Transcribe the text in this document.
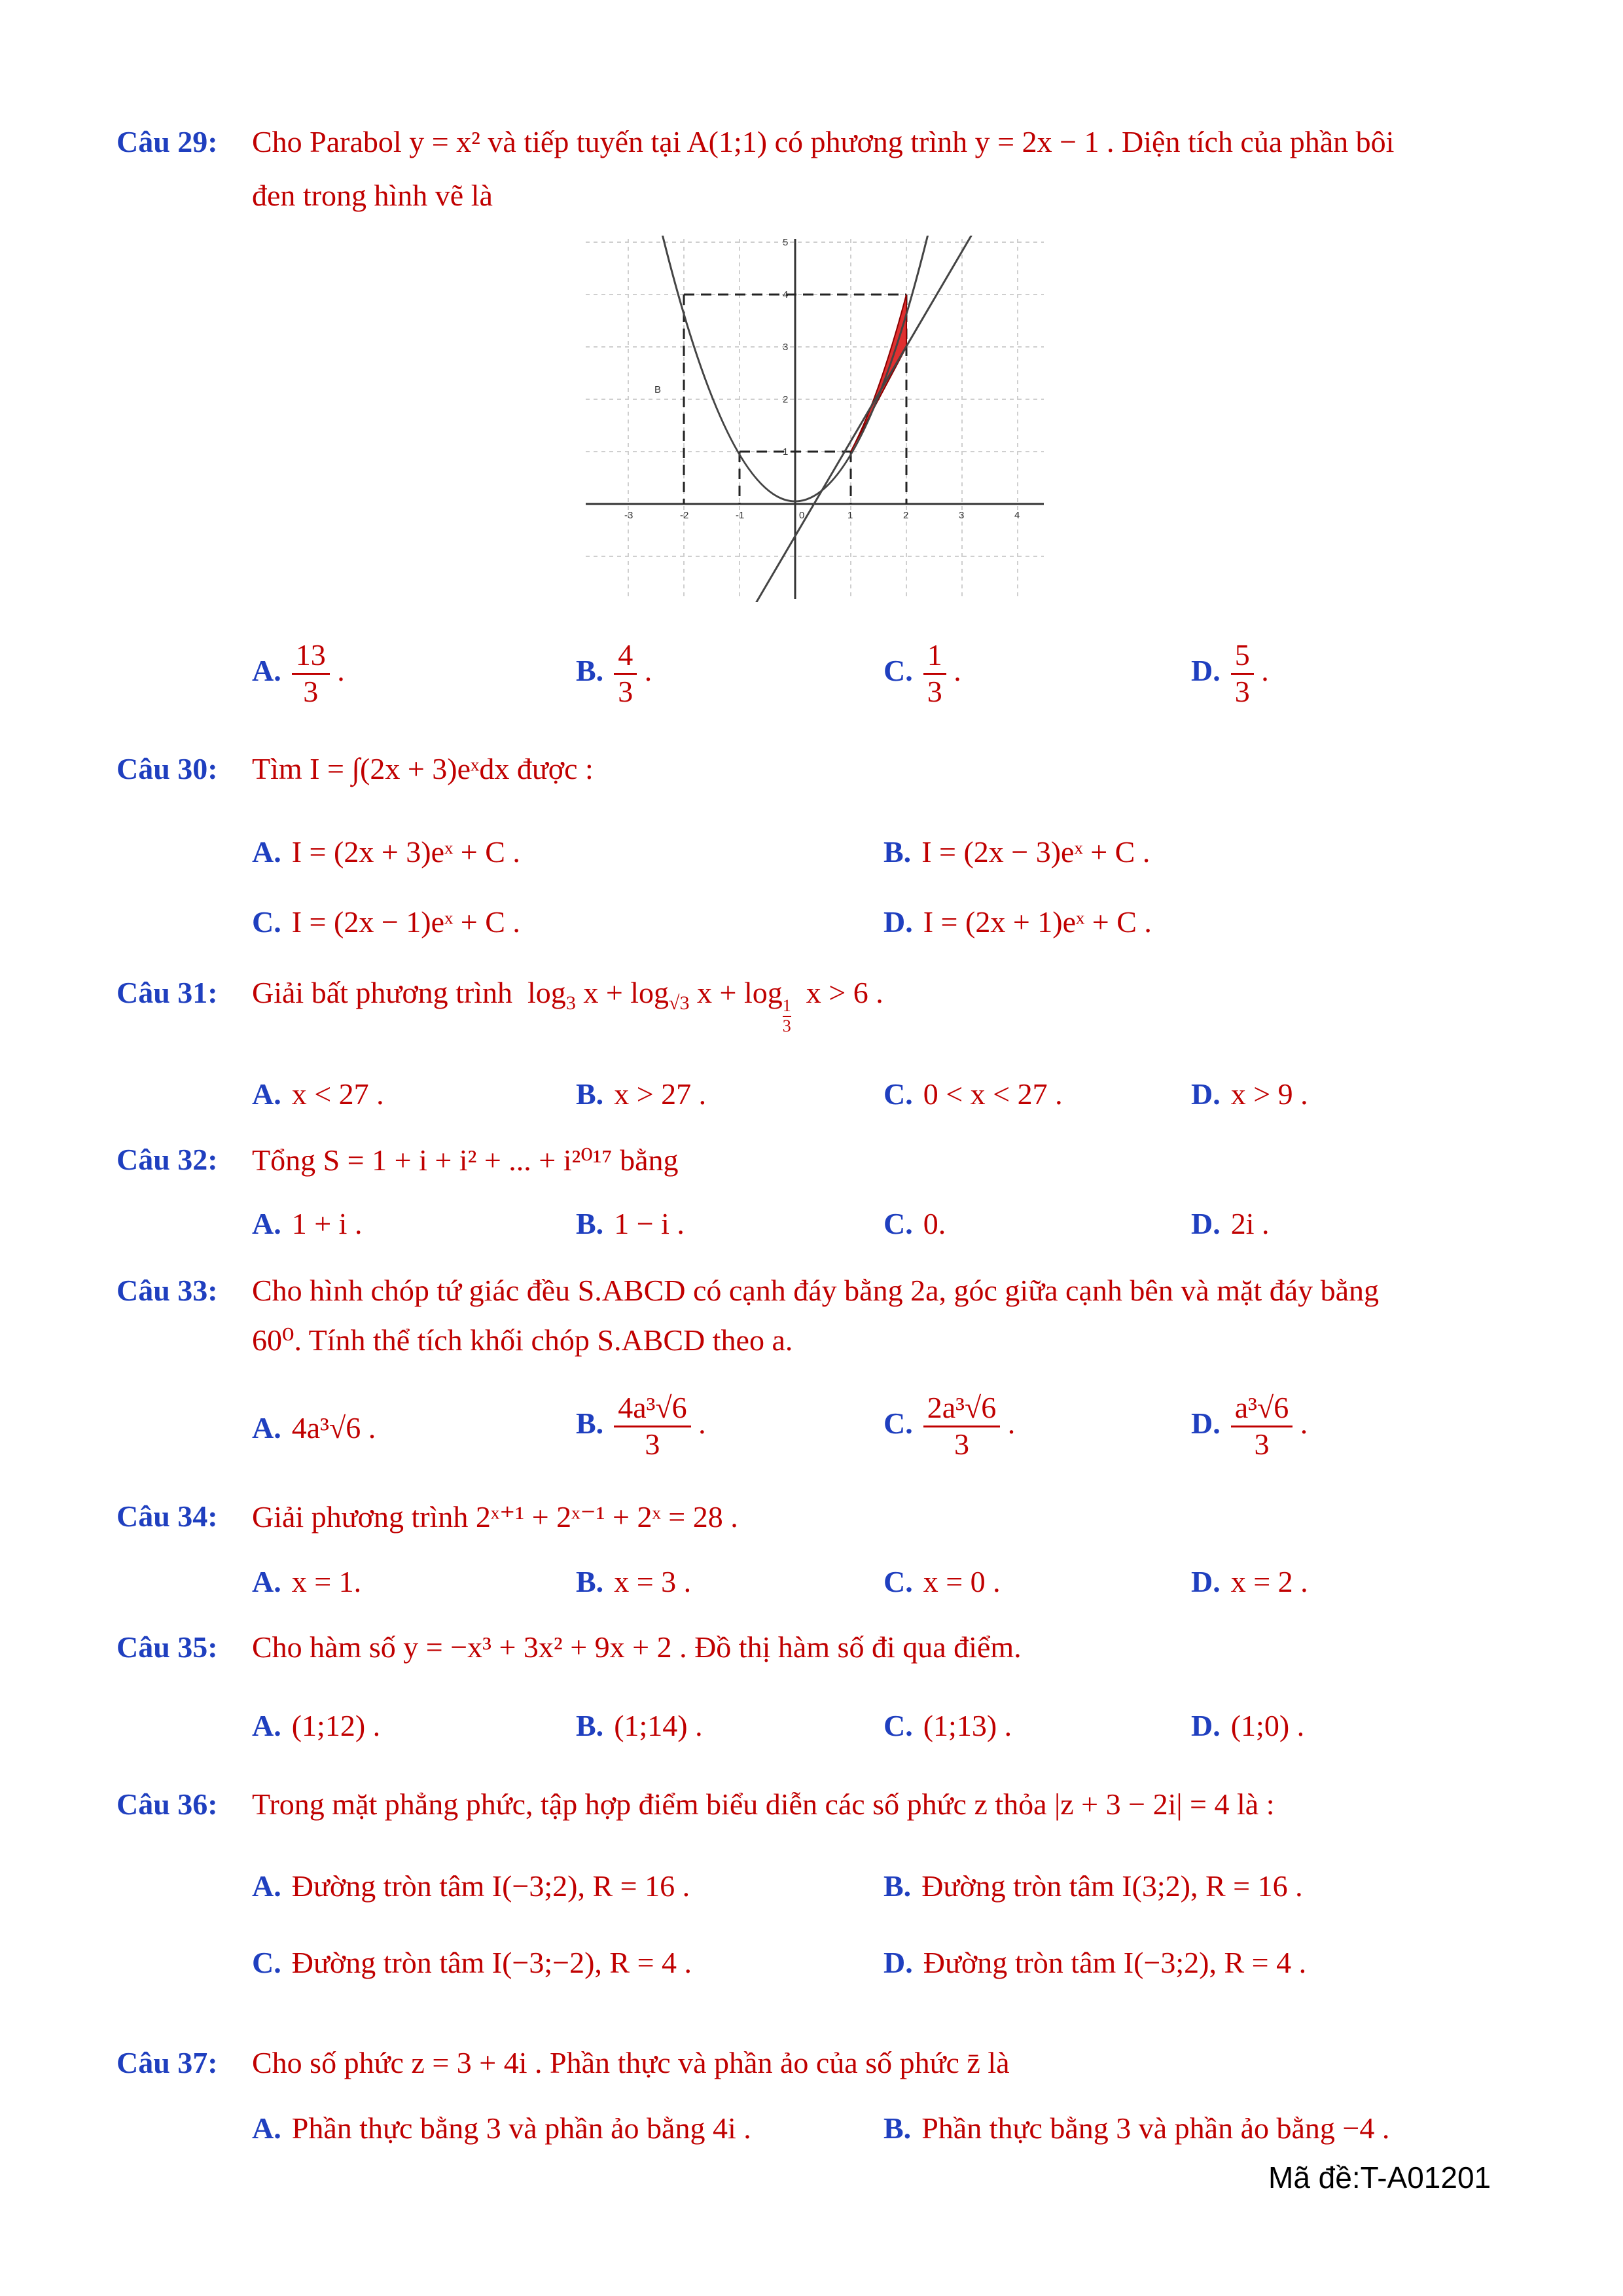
Câu 29: Cho Parabol y = x² và tiếp tuyến tại A(1;1) có phương trình y = 2x − 1 . Diện tích của phần bôi
đen trong hình vẽ là
-3	-2	-1	0	1	2	3	4
1
2
3
4
5
B
A. $\frac{13}{3}$ .	B. $\frac{4}{3}$ .	C. $\frac{1}{3}$ .	D. $\frac{5}{3}$ .
Câu 30: Tìm I = ∫(2x + 3)eˣdx được :
A. I = (2x + 3)eˣ + C .	B. I = (2x − 3)eˣ + C .
C. I = (2x − 1)eˣ + C .	D. I = (2x + 1)eˣ + C .
Câu 31: Giải bất phương trình $\log_3 x + \log_{√3} x + \log$
$\frac{1}{3}$
x > 6 .
A. x < 27 .	B. x > 27 .	C. 0 < x < 27 .	D. x > 9 .
Câu 32: Tổng S = 1 + i + i² + ... + i²⁰¹⁷ bằng
A. 1 + i .	B. 1 − i .	C. 0.	D. 2i .
Câu 33: Cho hình chóp tứ giác đều S.ABCD có cạnh đáy bằng 2a, góc giữa cạnh bên và mặt đáy bằng
60⁰. Tính thể tích khối chóp S.ABCD theo a.
A. 4a³√6 .	B. $\frac{\text{4a³√6}}{3}$ .	C. $\frac{\text{2a³√6}}{3}$ .	D. $\frac{\text{a³√6}}{3}$ .
Câu 34: Giải phương trình 2ˣ⁺¹ + 2ˣ⁻¹ + 2ˣ = 28 .
A. x = 1.	B. x = 3 .	C. x = 0 .	D. x = 2 .
Câu 35: Cho hàm số y = −x³ + 3x² + 9x + 2 . Đồ thị hàm số đi qua điểm.
A. (1;12) .	B. (1;14) .	C. (1;13) .	D. (1;0) .
Câu 36: Trong mặt phẳng phức, tập hợp điểm biểu diễn các số phức z thỏa |z + 3 − 2i| = 4 là :
A. Đường tròn tâm I(−3;2), R = 16 .	B. Đường tròn tâm I(3;2), R = 16 .
C. Đường tròn tâm I(−3;−2), R = 4 .	D. Đường tròn tâm I(−3;2), R = 4 .
Câu 37: Cho số phức z = 3 + 4i . Phần thực và phần ảo của số phức z̄ là
A. Phần thực bằng 3 và phần ảo bằng 4i .	B. Phần thực bằng 3 và phần ảo bằng −4 .
Mã đề:T-A01201
